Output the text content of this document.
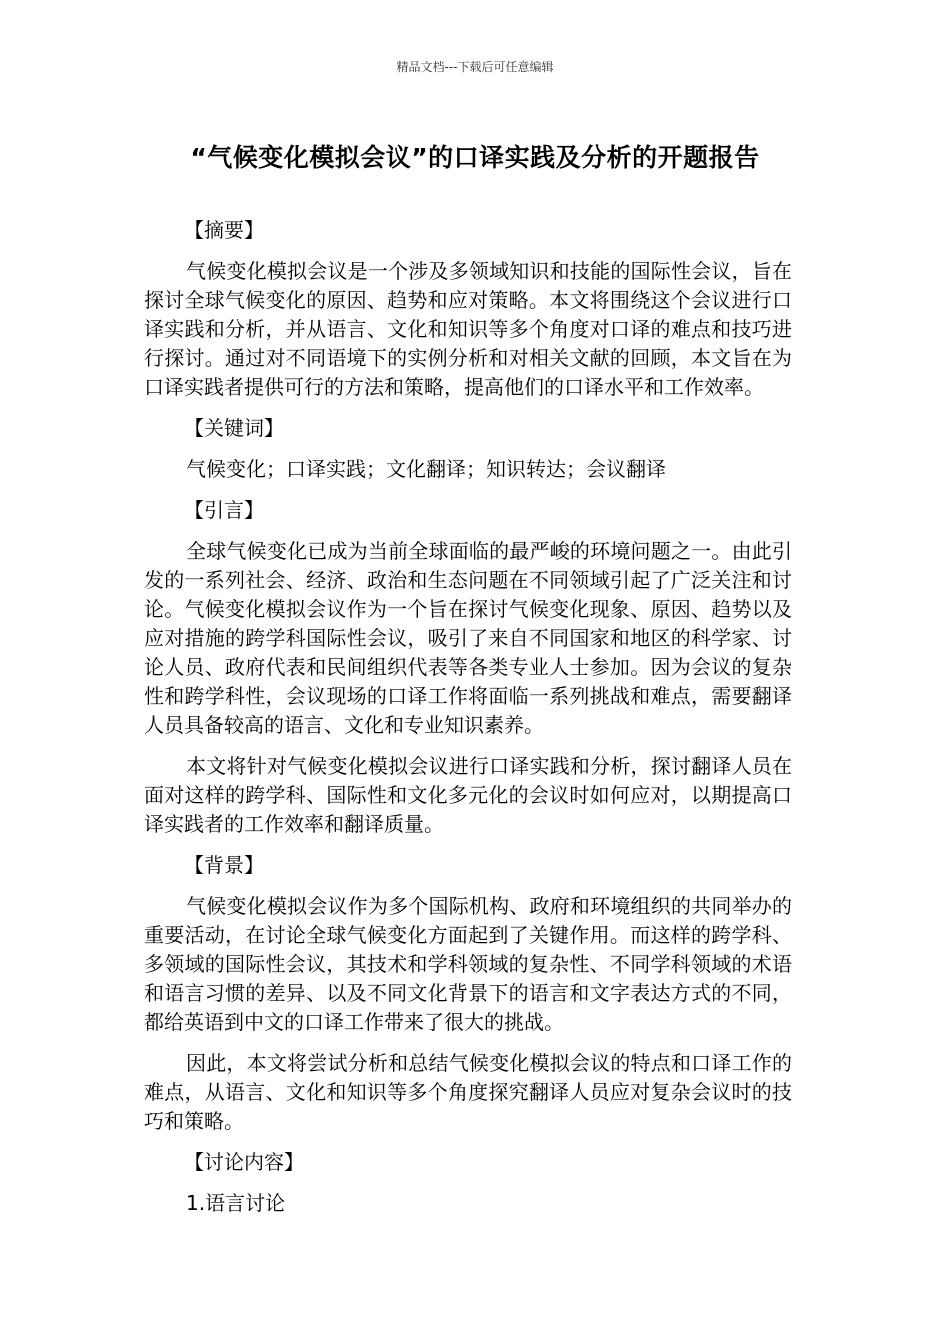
精品文档---下载后可任意编辑
“气候变化模拟会议”的口译实践及分析的开题报告

【摘要】

气候变化模拟会议是一个涉及多领域知识和技能的国际性会议，旨在探讨全球气候变化的原因、趋势和应对策略。本文将围绕这个会议进行口译实践和分析，并从语言、文化和知识等多个角度对口译的难点和技巧进行探讨。通过对不同语境下的实例分析和对相关文献的回顾，本文旨在为口译实践者提供可行的方法和策略，提高他们的口译水平和工作效率。

【关键词】

气候变化；口译实践；文化翻译；知识转达；会议翻译

【引言】

全球气候变化已成为当前全球面临的最严峻的环境问题之一。由此引发的一系列社会、经济、政治和生态问题在不同领域引起了广泛关注和讨论。气候变化模拟会议作为一个旨在探讨气候变化现象、原因、趋势以及应对措施的跨学科国际性会议，吸引了来自不同国家和地区的科学家、讨论人员、政府代表和民间组织代表等各类专业人士参加。因为会议的复杂性和跨学科性，会议现场的口译工作将面临一系列挑战和难点，需要翻译人员具备较高的语言、文化和专业知识素养。

本文将针对气候变化模拟会议进行口译实践和分析，探讨翻译人员在面对这样的跨学科、国际性和文化多元化的会议时如何应对，以期提高口译实践者的工作效率和翻译质量。

【背景】

气候变化模拟会议作为多个国际机构、政府和环境组织的共同举办的重要活动，在讨论全球气候变化方面起到了关键作用。而这样的跨学科、多领域的国际性会议，其技术和学科领域的复杂性、不同学科领域的术语和语言习惯的差异、以及不同文化背景下的语言和文字表达方式的不同，都给英语到中文的口译工作带来了很大的挑战。

因此，本文将尝试分析和总结气候变化模拟会议的特点和口译工作的难点，从语言、文化和知识等多个角度探究翻译人员应对复杂会议时的技巧和策略。

【讨论内容】

1.语言讨论
